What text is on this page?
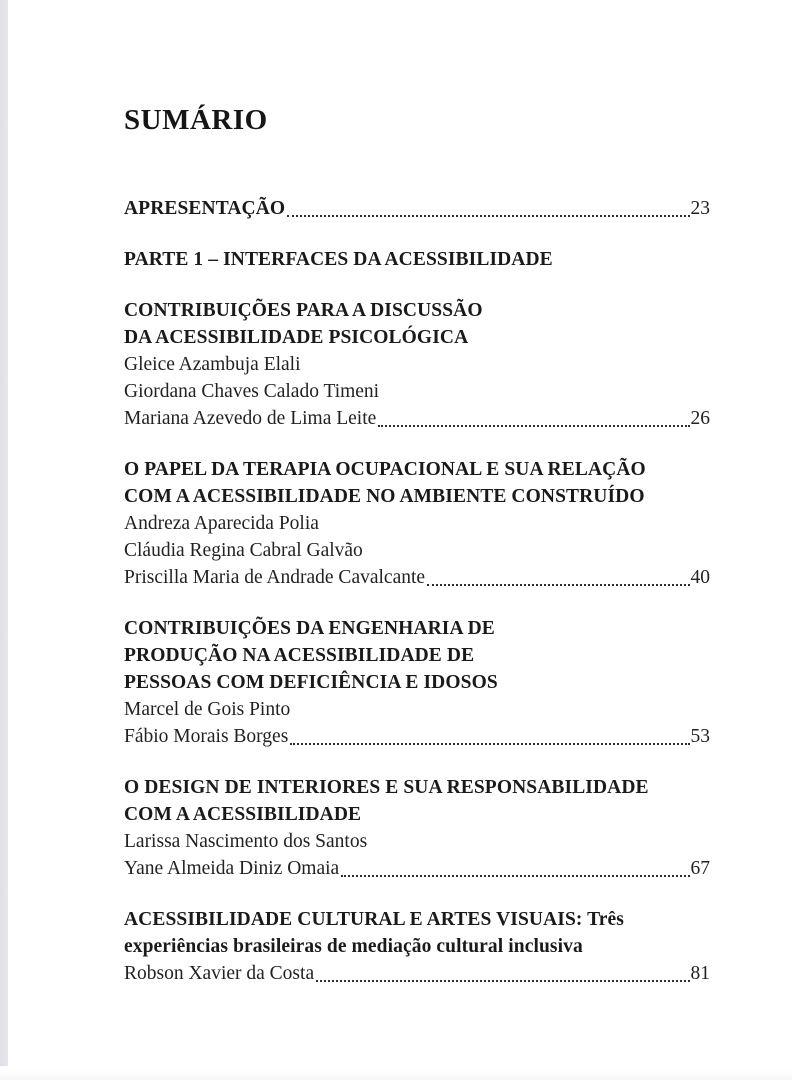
SUMÁRIO
APRESENTAÇÃO	23
PARTE 1 – INTERFACES DA ACESSIBILIDADE
CONTRIBUIÇÕES PARA A DISCUSSÃO
DA ACESSIBILIDADE PSICOLÓGICA
Gleice Azambuja Elali
Giordana Chaves Calado Timeni
Mariana Azevedo de Lima Leite	26
O PAPEL DA TERAPIA OCUPACIONAL E SUA RELAÇÃO
COM A ACESSIBILIDADE NO AMBIENTE CONSTRUÍDO
Andreza Aparecida Polia
Cláudia Regina Cabral Galvão
Priscilla Maria de Andrade Cavalcante	40
CONTRIBUIÇÕES DA ENGENHARIA DE
PRODUÇÃO NA ACESSIBILIDADE DE
PESSOAS COM DEFICIÊNCIA E IDOSOS
Marcel de Gois Pinto
Fábio Morais Borges	53
O DESIGN DE INTERIORES E SUA RESPONSABILIDADE
COM A ACESSIBILIDADE
Larissa Nascimento dos Santos
Yane Almeida Diniz Omaia	67
ACESSIBILIDADE CULTURAL E ARTES VISUAIS: Três
experiências brasileiras de mediação cultural inclusiva
Robson Xavier da Costa	81
